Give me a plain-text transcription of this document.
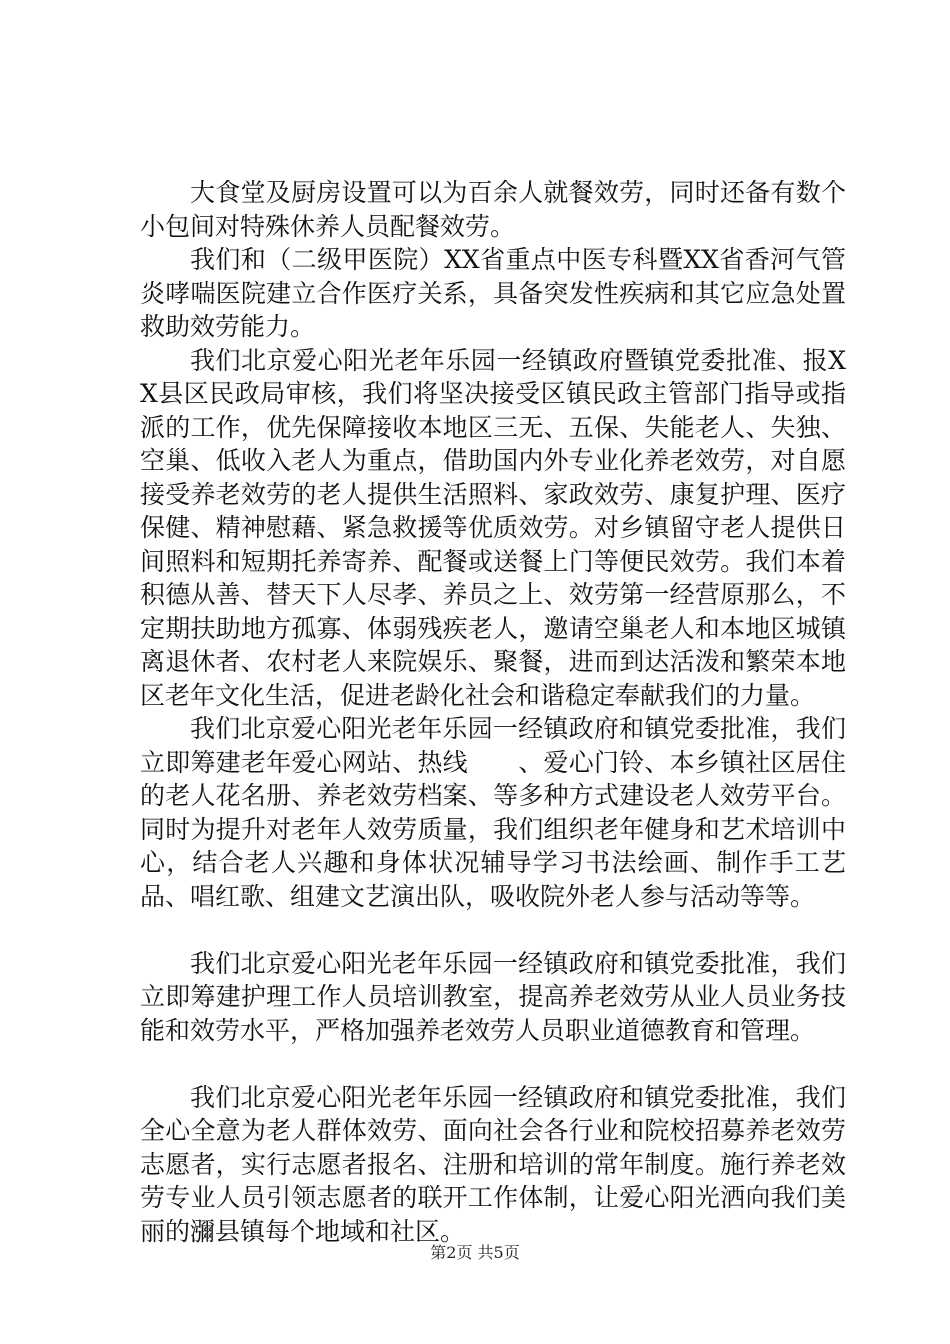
大食堂及厨房设置可以为百余人就餐效劳，同时还备有数个小包间对特殊休养人员配餐效劳。

我们和（二级甲医院）XX省重点中医专科暨XX省香河气管炎哮喘医院建立合作医疗关系，具备突发性疾病和其它应急处置救助效劳能力。

我们北京爱心阳光老年乐园一经镇政府暨镇党委批准、报XX县区民政局审核，我们将坚决接受区镇民政主管部门指导或指派的工作，优先保障接收本地区三无、五保、失能老人、失独、空巢、低收入老人为重点，借助国内外专业化养老效劳，对自愿接受养老效劳的老人提供生活照料、家政效劳、康复护理、医疗保健、精神慰藉、紧急救援等优质效劳。对乡镇留守老人提供日间照料和短期托养寄养、配餐或送餐上门等便民效劳。我们本着积德从善、替天下人尽孝、养员之上、效劳第一经营原那么，不定期扶助地方孤寡、体弱残疾老人，邀请空巢老人和本地区城镇离退休者、农村老人来院娱乐、聚餐，进而到达活泼和繁荣本地区老年文化生活，促进老龄化社会和谐稳定奉献我们的力量。

我们北京爱心阳光老年乐园一经镇政府和镇党委批准，我们立即筹建老年爱心网站、热线　　、爱心门铃、本乡镇社区居住的老人花名册、养老效劳档案、等多种方式建设老人效劳平台。同时为提升对老年人效劳质量，我们组织老年健身和艺术培训中心，结合老人兴趣和身体状况辅导学习书法绘画、制作手工艺品、唱红歌、组建文艺演出队，吸收院外老人参与活动等等。

我们北京爱心阳光老年乐园一经镇政府和镇党委批准，我们立即筹建护理工作人员培训教室，提高养老效劳从业人员业务技能和效劳水平，严格加强养老效劳人员职业道德教育和管理。

我们北京爱心阳光老年乐园一经镇政府和镇党委批准，我们全心全意为老人群体效劳、面向社会各行业和院校招募养老效劳志愿者，实行志愿者报名、注册和培训的常年制度。施行养老效劳专业人员引领志愿者的联开工作体制，让爱心阳光洒向我们美丽的瀰县镇每个地域和社区。

第2页 共5页
